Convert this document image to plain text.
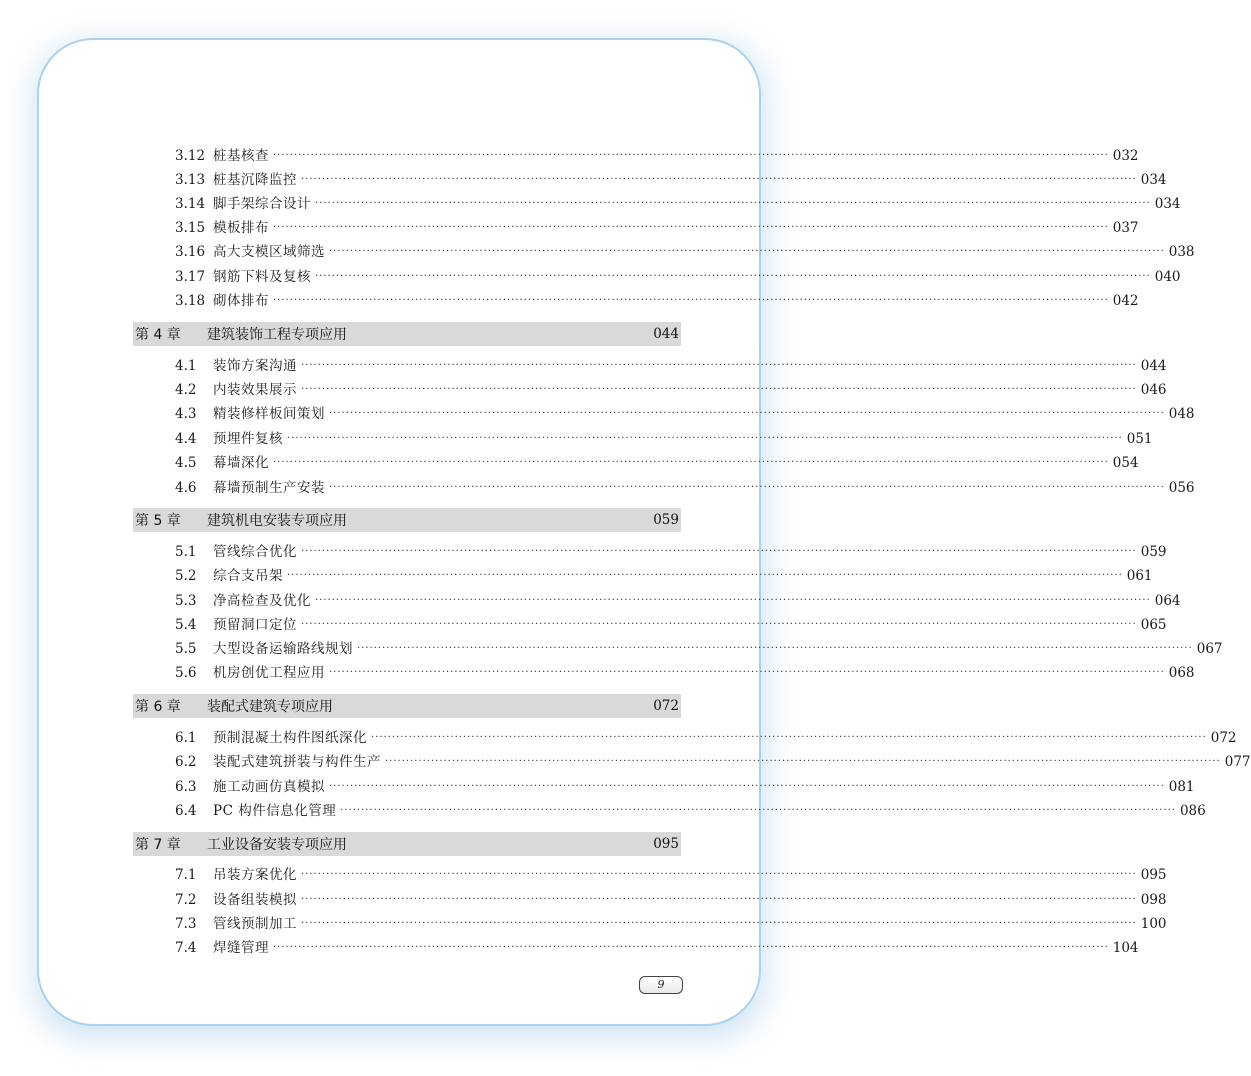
3.12 桩基核查 ········································································································································································································ 032
3.13 桩基沉降监控 ········································································································································································································ 034
3.14 脚手架综合设计 ········································································································································································································ 034
3.15 模板排布 ········································································································································································································ 037
3.16 高大支模区域筛选 ········································································································································································································ 038
3.17 钢筋下料及复核 ········································································································································································································ 040
3.18 砌体排布 ········································································································································································································ 042
第 4 章	建筑装饰工程专项应用	044
4.1	装饰方案沟通 ········································································································································································································ 044
4.2	内装效果展示 ········································································································································································································ 046
4.3	精装修样板间策划 ········································································································································································································ 048
4.4	预埋件复核 ········································································································································································································ 051
4.5	幕墙深化 ········································································································································································································ 054
4.6	幕墙预制生产安装 ········································································································································································································ 056
第 5 章	建筑机电安装专项应用	059
5.1	管线综合优化 ········································································································································································································ 059
5.2	综合支吊架 ········································································································································································································ 061
5.3	净高检查及优化 ········································································································································································································ 064
5.4	预留洞口定位 ········································································································································································································ 065
5.5	大型设备运输路线规划 ········································································································································································································ 067
5.6	机房创优工程应用 ········································································································································································································ 068
第 6 章	装配式建筑专项应用	072
6.1	预制混凝土构件图纸深化 ········································································································································································································ 072
6.2	装配式建筑拼装与构件生产 ········································································································································································································ 077
6.3	施工动画仿真模拟 ········································································································································································································ 081
6.4	PC 构件信息化管理 ········································································································································································································ 086
第 7 章	工业设备安装专项应用	095
7.1	吊装方案优化 ········································································································································································································ 095
7.2	设备组装模拟 ········································································································································································································ 098
7.3	管线预制加工 ········································································································································································································ 100
7.4	焊缝管理 ········································································································································································································ 104
9
